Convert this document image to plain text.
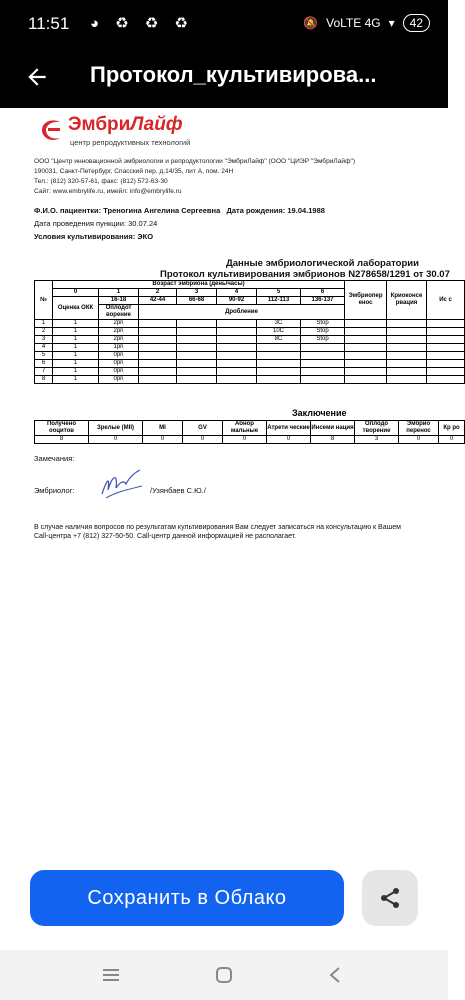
11:51 ◕ ♻ ♻ ♻	🔕 VoLTE 4G ▾	42
Протокол_культивирова...
ЭмбриЛайф
центр репродуктивных технологий
ООО "Центр инновационной эмбриологии и репродуктологии "ЭмбриЛайф" (ООО "ЦИЭР "ЭмбриЛайф")
190031, Санкт-Петербург, Спасский пер. д.14/35, лит А, пом. 24Н
Тел.: (812) 320-57-61, факс: (812) 572-63-30
Сайт: www.embrylife.ru, имейл: info@embrylife.ru
Ф.И.О. пациентки: Треногина Ангелина Сергеевна Дата рождения: 19.04.1988
Дата проведения пункции: 30.07.24
Условия культивирования: ЭКО
Данные эмбриологической лаборатории
Протокол культивирования эмбрионов N278658/1291 от 30.07
№	Возраст эмбриона (день/часы)							Эмбриопер енос	Криоконсе рвация	Ис с
	0	1	2	3	4	5	6			
	Оценка ОКК	16-18	42-44	66-68	90-92	112-113	136-137			
		Оплодот ворение	Дробление							
1	1	2pn				3C	Stop			
2	1	2pn				10C	Stop			
3	1	2pn				8C	Stop			
4	1	1pn								
5	1	0pn								
6	1	0pn								
7	1	0pn								
8	1	0pn								
Заключение
Получено ооцитов	Зрелые (MII)	MI	GV	Абнор мальные	Атрети ческие	Инсеми нация	Оплодо творение	Эмбрио перенос	Кр ро
8	0	0	0	0	0	8	3	0	0
Замечания:
Эмбриолог:	/Узянбаев С.Ю./
В случае наличия вопросов по результатам культивирования Вам следует записаться на консультацию к Вашем
Call-центра +7 (812) 327-50-50. Call-центр данной информацией не располагает.
Сохранить в Облако
